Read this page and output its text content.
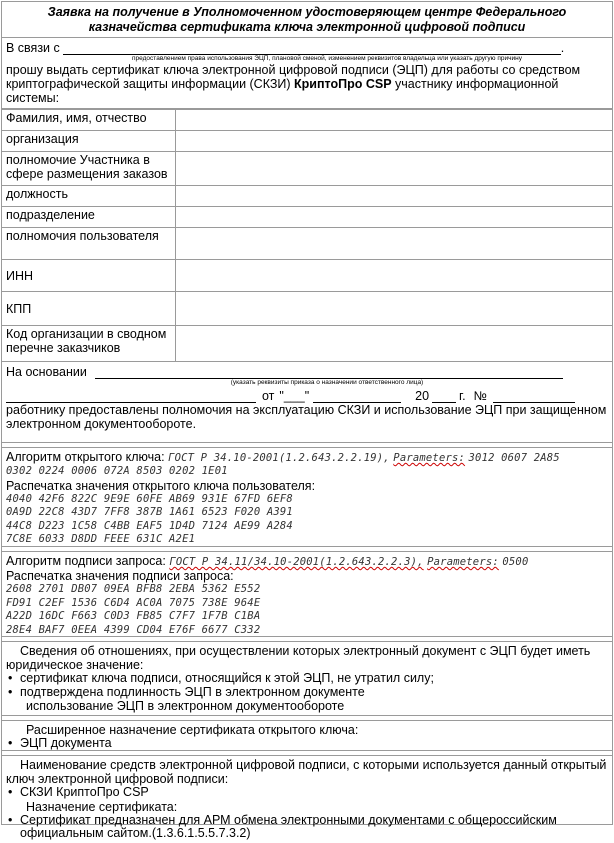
Заявка на получение в Уполномоченном удостоверяющем центре Федерального казначейства сертификата ключа электронной цифровой подписи
В связи с	.
предоставлением права использования ЭЦП, плановой сменой, изменением реквизитов владельца или указать другую причину
прошу выдать сертификат ключа электронной цифровой подписи (ЭЦП) для работы со средством криптографической защиты информации (СКЗИ) КриптоПро CSP участнику информационной системы:
Фамилия, имя, отчество	
организация	
полномочие Участника в сфере размещения заказов	
должность	
подразделение	
полномочия пользователя	
ИНН	
КПП	
Код организации в сводном перечне заказчиков	
На основании
(указать реквизиты приказа о назначении ответственного лица)
от "___"	20 г. №
работнику предоставлены полномочия на эксплуатацию СКЗИ и использование ЭЦП при защищенном электронном документообороте.
Алгоритм открытого ключа: ГОСТ Р 34.10-2001(1.2.643.2.2.19), Parameters: 3012 0607 2A85
0302 0224 0006 072A 8503 0202 1E01
Распечатка значения открытого ключа пользователя:
4040 42F6 822C 9E9E 60FE AB69 931E 67FD 6EF8
0A9D 22C8 43D7 7FF8 387B 1A61 6523 F020 A391
44C8 D223 1C58 C4BB EAF5 1D4D 7124 AE99 A284
7C8E 6033 D8DD FEEE 631C A2E1
Алгоритм подписи запроса: ГОСТ Р 34.11/34.10-2001(1.2.643.2.2.3), Parameters: 0500
Распечатка значения подписи запроса:
2608 2701 DB07 09EA BFB8 2EBA 5362 E552
FD91 C2EF 1536 C6D4 AC0A 7075 738E 964E
A22D 16DC F663 C0D3 FB85 C7F7 1F7B C1BA
28E4 BAF7 0EEA 4399 CD04 E76F 6677 C332
Сведения об отношениях, при осуществлении которых электронный документ с ЭЦП будет иметь юридическое значение:
• сертификат ключа подписи, относящийся к этой ЭЦП, не утратил силу;
• подтверждена подлинность ЭЦП в электронном документе
использование ЭЦП в электронном документообороте
Расширенное назначение сертификата открытого ключа:
• ЭЦП документа
Наименование средств электронной цифровой подписи, с которыми используется данный открытый ключ электронной цифровой подписи:
• СКЗИ КриптоПро CSP
Назначение сертификата:
• Сертификат предназначен для АРМ обмена электронными документами с общероссийским официальным сайтом.(1.3.6.1.5.5.7.3.2)
